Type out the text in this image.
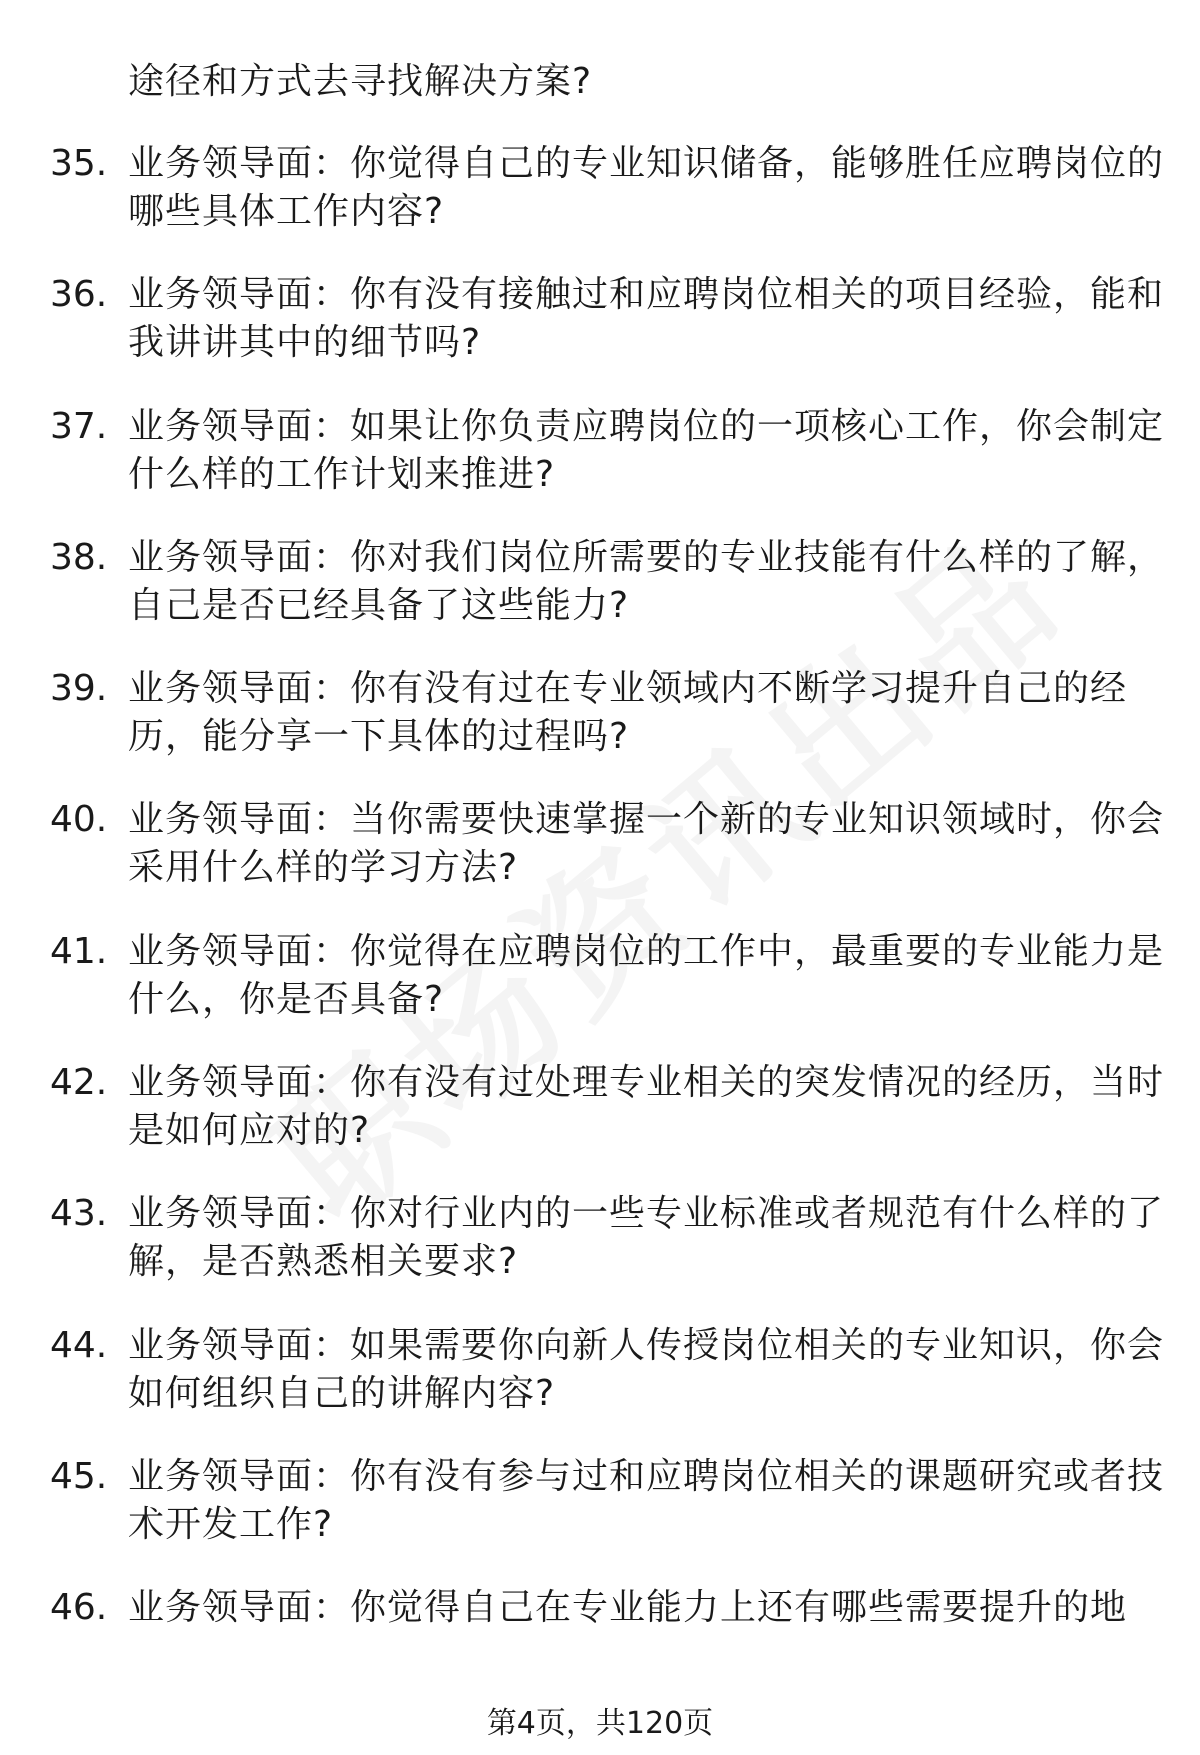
途径和方式去寻找解决方案?
35. 业务领导面：你觉得自己的专业知识储备，能够胜任应聘岗位的
哪些具体工作内容?
36. 业务领导面：你有没有接触过和应聘岗位相关的项目经验，能和
我讲讲其中的细节吗?
37. 业务领导面：如果让你负责应聘岗位的一项核心工作，你会制定
什么样的工作计划来推进?
38. 业务领导面：你对我们岗位所需要的专业技能有什么样的了解，
自己是否已经具备了这些能力?
39. 业务领导面：你有没有过在专业领域内不断学习提升自己的经
历，能分享一下具体的过程吗?
40. 业务领导面：当你需要快速掌握一个新的专业知识领域时，你会
采用什么样的学习方法?
41. 业务领导面：你觉得在应聘岗位的工作中，最重要的专业能力是
什么，你是否具备?
42. 业务领导面：你有没有过处理专业相关的突发情况的经历，当时
是如何应对的?
43. 业务领导面：你对行业内的一些专业标准或者规范有什么样的了
解，是否熟悉相关要求?
44. 业务领导面：如果需要你向新人传授岗位相关的专业知识，你会
如何组织自己的讲解内容?
45. 业务领导面：你有没有参与过和应聘岗位相关的课题研究或者技
术开发工作?
46. 业务领导面：你觉得自己在专业能力上还有哪些需要提升的地
第4页，共120页
